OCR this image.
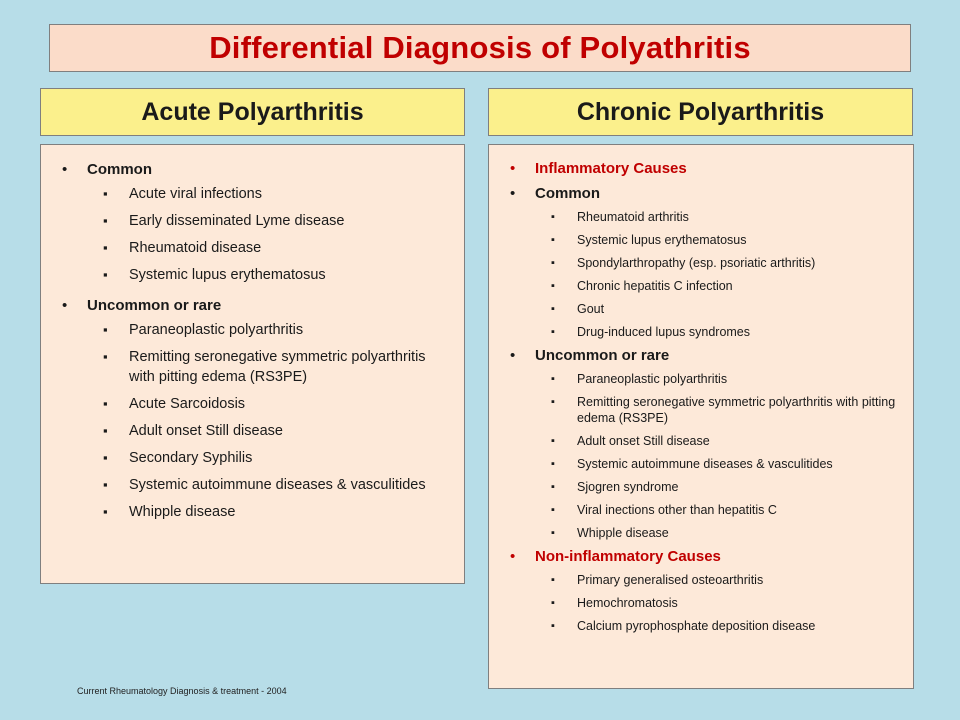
Differential Diagnosis of Polyathritis
Acute Polyarthritis	Chronic Polyarthritis
• Common
▪ Acute viral infections
▪ Early disseminated Lyme disease
▪ Rheumatoid disease
▪ Systemic lupus erythematosus
• Uncommon or rare
▪ Paraneoplastic polyarthritis
▪ Remitting seronegative symmetric polyarthritis with pitting edema (RS3PE)
▪ Acute Sarcoidosis
▪ Adult onset Still disease
▪ Secondary Syphilis
▪ Systemic autoimmune diseases & vasculitides
▪ Whipple disease
• Inflammatory Causes
• Common
▪ Rheumatoid arthritis
▪ Systemic lupus erythematosus
▪ Spondylarthropathy (esp. psoriatic arthritis)
▪ Chronic hepatitis C infection
▪ Gout
▪ Drug-induced lupus syndromes
• Uncommon or rare
▪ Paraneoplastic polyarthritis
▪ Remitting seronegative symmetric polyarthritis with pitting edema (RS3PE)
▪ Adult onset Still disease
▪ Systemic autoimmune diseases & vasculitides
▪ Sjogren syndrome
▪ Viral inections other than hepatitis C
▪ Whipple disease
• Non-inflammatory Causes
▪ Primary generalised osteoarthritis
▪ Hemochromatosis
▪ Calcium pyrophosphate deposition disease
Current Rheumatology Diagnosis & treatment - 2004
